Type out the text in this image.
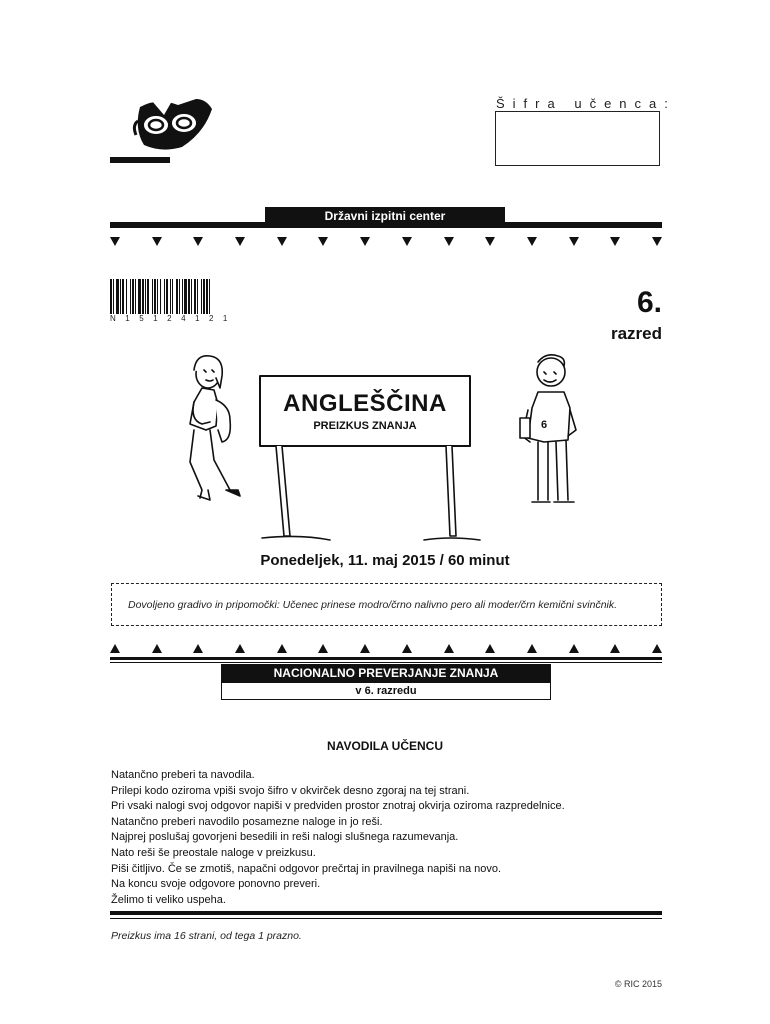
Šifra učenca:
Državni izpitni center
N15124121	6.
razred
ANGLEŠČINA
PREIZKUS ZNANJA	6
Ponedeljek, 11. maj 2015 / 60 minut
Dovoljeno gradivo in pripomočki: Učenec prinese modro/črno nalivno pero ali moder/črn kemični svinčnik.
NACIONALNO PREVERJANJE ZNANJA
v 6. razredu
NAVODILA UČENCU
Natančno preberi ta navodila.
Prilepi kodo oziroma vpiši svojo šifro v okvirček desno zgoraj na tej strani.
Pri vsaki nalogi svoj odgovor napiši v predviden prostor znotraj okvirja oziroma razpredelnice.
Natančno preberi navodilo posamezne naloge in jo reši.
Najprej poslušaj govorjeni besedili in reši nalogi slušnega razumevanja.
Nato reši še preostale naloge v preizkusu.
Piši čitljivo. Če se zmotiš, napačni odgovor prečrtaj in pravilnega napiši na novo.
Na koncu svoje odgovore ponovno preveri.
Želimo ti veliko uspeha.
Preizkus ima 16 strani, od tega 1 prazno.
© RIC 2015
